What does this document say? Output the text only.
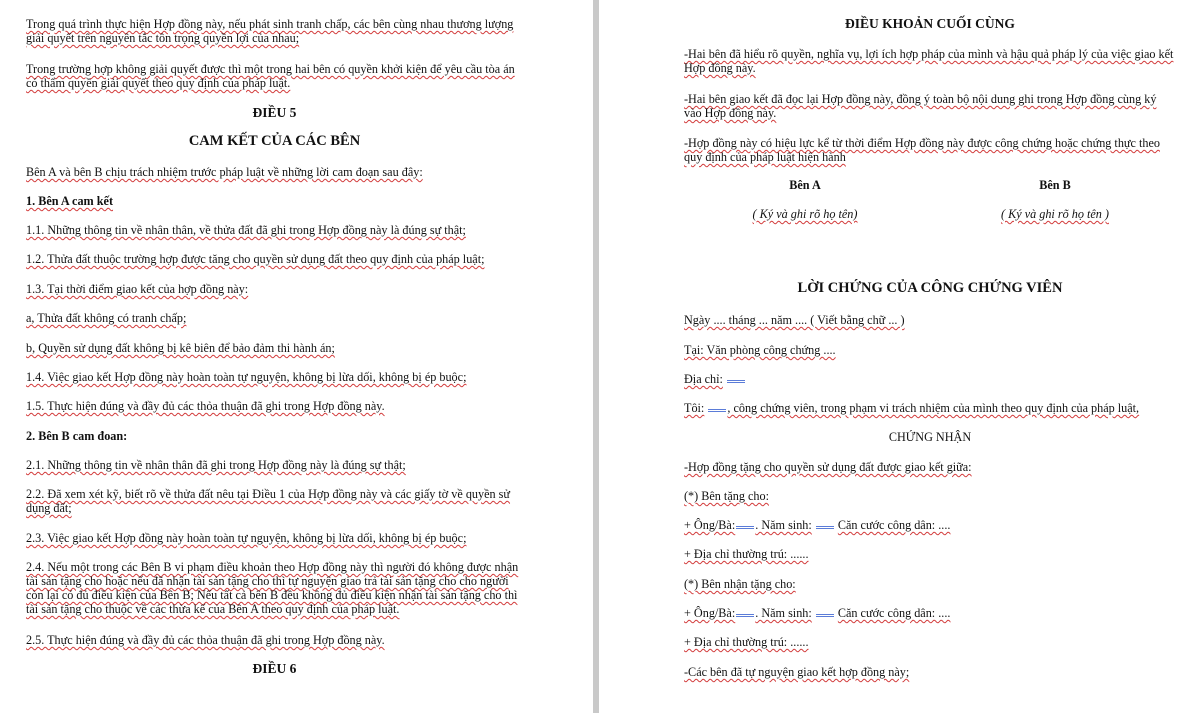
Trong quá trình thực hiện Hợp đồng này, nếu phát sinh tranh chấp, các bên cùng nhau thương lượng giải quyết trên nguyên tắc tôn trọng quyền lợi của nhau;

Trong trường hợp không giải quyết được thì một trong hai bên có quyền khởi kiện để yêu cầu tòa án có thẩm quyền giải quyết theo quy định của pháp luật.

ĐIỀU 5

CAM KẾT CỦA CÁC BÊN

Bên A và bên B chịu trách nhiệm trước pháp luật về những lời cam đoạn sau đây:

1. Bên A cam kết

1.1. Những thông tin về nhân thân, về thửa đất đã ghi trong Hợp đồng này là đúng sự thật;

1.2. Thửa đất thuộc trường hợp được tăng cho quyền sử dụng đất theo quy định của pháp luật;

1.3. Tại thời điểm giao kết của hợp đồng này:

a, Thửa đất không có tranh chấp;

b, Quyền sử dụng đất không bị kê biên để bảo đảm thi hành án;

1.4. Việc giao kết Hợp đồng này hoàn toàn tự nguyện, không bị lừa dối, không bị ép buộc;

1.5. Thực hiện đúng và đầy đủ các thỏa thuận đã ghi trong Hợp đồng này.

2. Bên B cam đoan:

2.1. Những thông tin về nhân thân đã ghi trong Hợp đồng này là đúng sự thật;

2.2. Đã xem xét kỹ, biết rõ về thửa đất nêu tại Điều 1 của Hợp đồng này và các giấy tờ về quyền sử dụng đất;

2.3. Việc giao kết Hợp đồng này hoàn toàn tự nguyện, không bị lừa dối, không bị ép buộc;

2.4. Nếu một trong các Bên B vi phạm điều khoản theo Hợp đồng này thì người đó không được nhận tài sản tặng cho hoặc nếu đã nhận tài sản tặng cho thì tự nguyện giao trả tài sản tặng cho cho người còn lại có đủ điều kiện của Bên B; Nếu tất cả bên B đều không đủ điều kiện nhận tài sản tặng cho thì tài sản tặng cho thuộc về các thừa kế của Bên A theo quy định của pháp luật.

2.5. Thực hiện đúng và đầy đủ các thỏa thuận đã ghi trong Hợp đồng này.

ĐIỀU 6

ĐIỀU KHOẢN CUỐI CÙNG

-Hai bên đã hiểu rõ quyền, nghĩa vụ, lợi ích hợp pháp của mình và hậu quả pháp lý của việc giao kết Hợp đồng này.

-Hai bên giao kết đã đọc lại Hợp đồng này, đồng ý toàn bộ nội dung ghi trong Hợp đồng cùng ký vào Hợp đồng này.

-Hợp đồng này có hiệu lực kể từ thời điểm Hợp đồng này được công chứng hoặc chứng thực theo quy định của pháp luật hiện hành

Bên A	Bên B

( Ký và ghi rõ họ tên)	( Ký và ghi rõ họ tên )

LỜI CHỨNG CỦA CÔNG CHỨNG VIÊN

Ngày .... tháng ... năm .... ( Viết bằng chữ ... )

Tại: Văn phòng công chứng ....

Địa chỉ:

Tôi: , công chứng viên, trong phạm vi trách nhiệm của mình theo quy định của pháp luật,

CHỨNG NHẬN

-Hợp đồng tặng cho quyền sử dụng đất được giao kết giữa:

(*) Bên tặng cho:

+ Ông/Bà: . Năm sinh: Căn cước công dân: ....

+ Địa chỉ thường trú: ......

(*) Bên nhận tặng cho:

+ Ông/Bà: . Năm sinh: Căn cước công dân: ....

+ Địa chỉ thường trú: ......

-Các bên đã tự nguyện giao kết hợp đồng này;
